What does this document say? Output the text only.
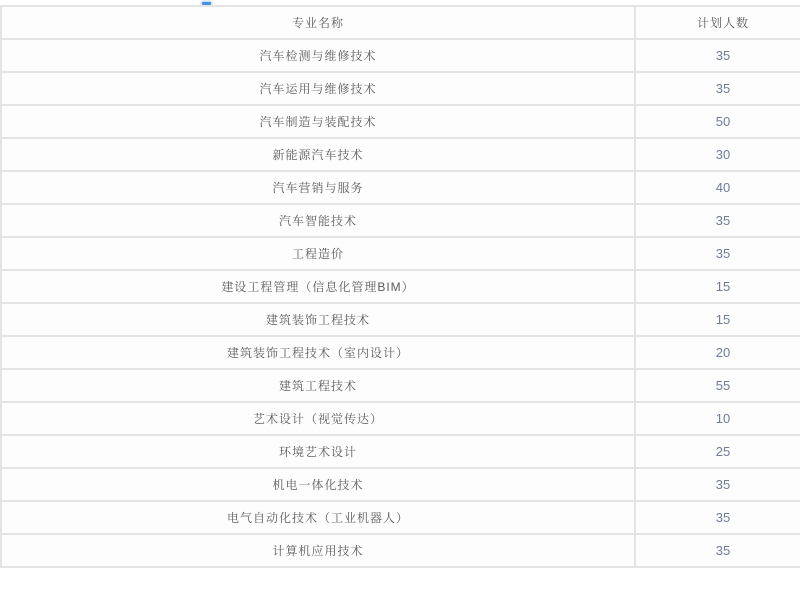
专业名称	计划人数
汽车检测与维修技术	35
汽车运用与维修技术	35
汽车制造与装配技术	50
新能源汽车技术	30
汽车营销与服务	40
汽车智能技术	35
工程造价	35
建设工程管理（信息化管理BIM）	15
建筑装饰工程技术	15
建筑装饰工程技术（室内设计）	20
建筑工程技术	55
艺术设计（视觉传达）	10
环境艺术设计	25
机电一体化技术	35
电气自动化技术（工业机器人）	35
计算机应用技术	35
